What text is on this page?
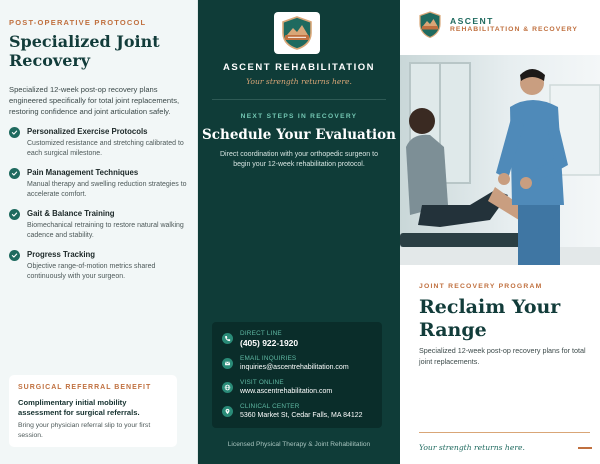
POST-OPERATIVE PROTOCOL
Specialized Joint
Recovery

Specialized 12-week post-op recovery plans engineered specifically for total joint replacements, restoring confidence and joint articulation safely.

Personalized Exercise Protocols
Customized resistance and stretching calibrated to each surgical milestone.
Pain Management Techniques
Manual therapy and swelling reduction strategies to accelerate comfort.
Gait & Balance Training
Biomechanical retraining to restore natural walking cadence and stability.
Progress Tracking
Objective range-of-motion metrics shared continuously with your surgeon.
SURGICAL REFERRAL BENEFIT
Complimentary initial mobility assessment for surgical referrals.
Bring your physician referral slip to your first session.
ASCENT REHABILITATION
Your strength returns here.
NEXT STEPS IN RECOVERY
Schedule Your Evaluation
Direct coordination with your orthopedic surgeon to begin your 12-week rehabilitation protocol.
DIRECT LINE
(405) 922-1920
EMAIL INQUIRIES
inquiries@ascentrehabilitation.com
VISIT ONLINE
www.ascentrehabilitation.com
CLINICAL CENTER
5360 Market St, Cedar Falls, MA 84122
Licensed Physical Therapy & Joint Rehabilitation
ASCENT
REHABILITATION & RECOVERY
JOINT RECOVERY PROGRAM
Reclaim Your
Range
Specialized 12-week post-op recovery plans for total joint replacements.
Your strength returns here.
